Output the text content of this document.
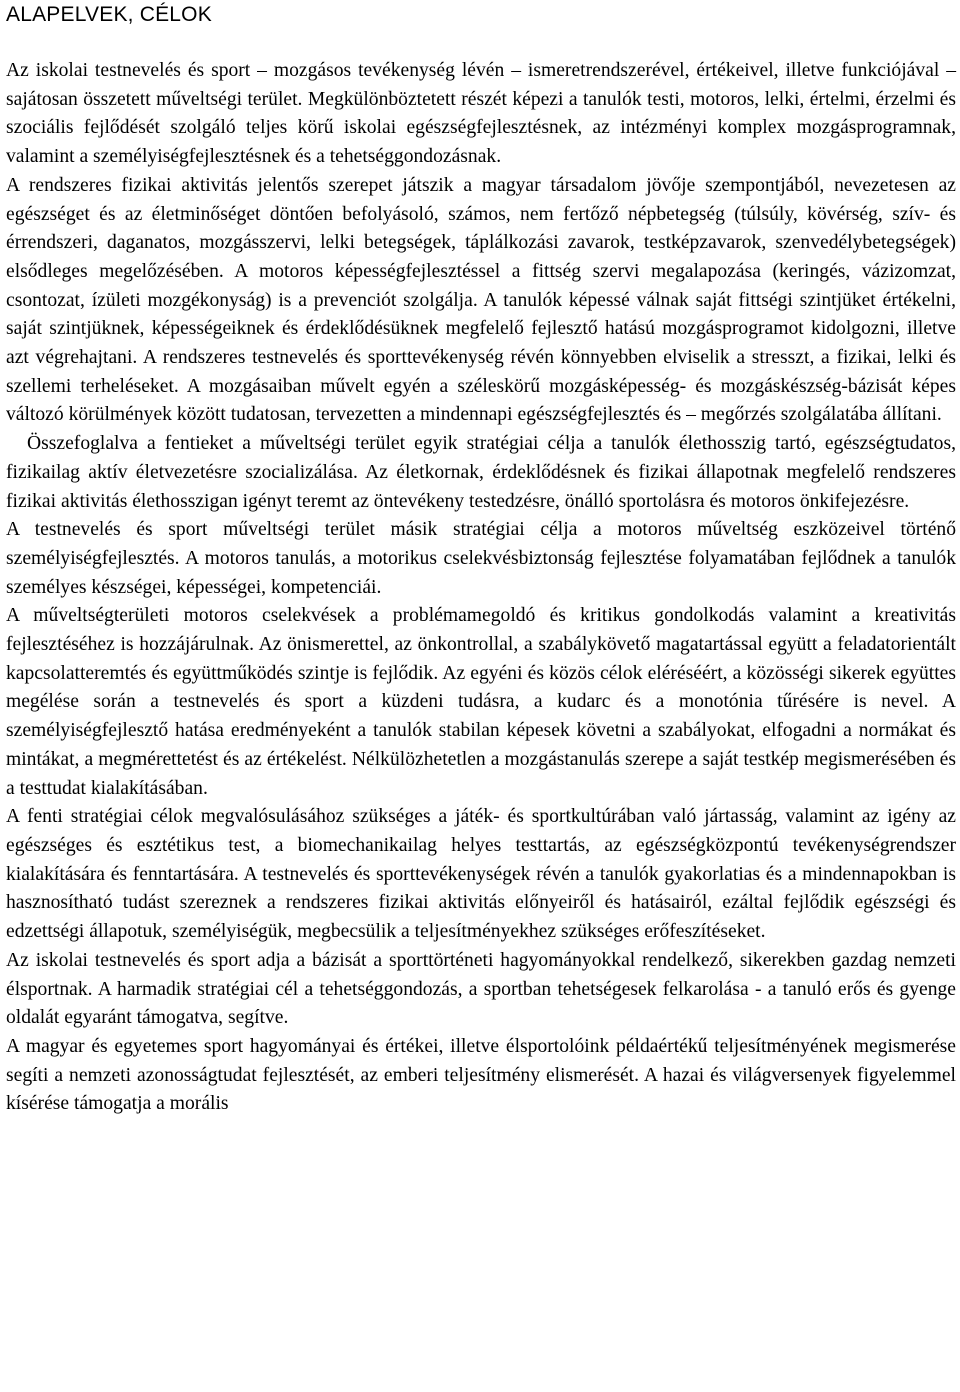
ALAPELVEK, CÉLOK

Az iskolai testnevelés és sport – mozgásos tevékenység lévén – ismeretrendszerével, értékeivel, illetve funkciójával – sajátosan összetett műveltségi terület. Megkülönböztetett részét képezi a tanulók testi, motoros, lelki, értelmi, érzelmi és szociális fejlődését szolgáló teljes körű iskolai egészségfejlesztésnek, az intézményi komplex mozgásprogramnak, valamint a személyiségfejlesztésnek és a tehetséggondozásnak.

A rendszeres fizikai aktivitás jelentős szerepet játszik a magyar társadalom jövője szempontjából, nevezetesen az egészséget és az életminőséget döntően befolyásoló, számos, nem fertőző népbetegség (túlsúly, kövérség, szív- és érrendszeri, daganatos, mozgásszervi, lelki betegségek, táplálkozási zavarok, testképzavarok, szenvedélybetegségek) elsődleges megelőzésében. A motoros képességfejlesztéssel a fittség szervi megalapozása (keringés, vázizomzat, csontozat, ízületi mozgékonyság) is a prevenciót szolgálja. A tanulók képessé válnak saját fittségi szintjüket értékelni, saját szintjüknek, képességeiknek és érdeklődésüknek megfelelő fejlesztő hatású mozgásprogramot kidolgozni, illetve azt végrehajtani. A rendszeres testnevelés és sporttevékenység révén könnyebben elviselik a stresszt, a fizikai, lelki és szellemi terheléseket. A mozgásaiban művelt egyén a széleskörű mozgásképesség- és mozgáskészség-bázisát képes változó körülmények között tudatosan, tervezetten a mindennapi egészségfejlesztés és – megőrzés szolgálatába állítani.

Összefoglalva a fentieket a műveltségi terület egyik stratégiai célja a tanulók élethosszig tartó, egészségtudatos, fizikailag aktív életvezetésre szocializálása. Az életkornak, érdeklődésnek és fizikai állapotnak megfelelő rendszeres fizikai aktivitás élethosszigan igényt teremt az öntevékeny testedzésre, önálló sportolásra és motoros önkifejezésre.

A testnevelés és sport műveltségi terület másik stratégiai célja a motoros műveltség eszközeivel történő személyiségfejlesztés. A motoros tanulás, a motorikus cselekvésbiztonság fejlesztése folyamatában fejlődnek a tanulók személyes készségei, képességei, kompetenciái.

A műveltségterületi motoros cselekvések a problémamegoldó és kritikus gondolkodás valamint a kreativitás fejlesztéséhez is hozzájárulnak. Az önismerettel, az önkontrollal, a szabálykövető magatartással együtt a feladatorientált kapcsolatteremtés és együttműködés szintje is fejlődik. Az egyéni és közös célok eléréséért, a közösségi sikerek együttes megélése során a testnevelés és sport a küzdeni tudásra, a kudarc és a monotónia tűrésére is nevel. A személyiségfejlesztő hatása eredményeként a tanulók stabilan képesek követni a szabályokat, elfogadni a normákat és mintákat, a megmérettetést és az értékelést. Nélkülözhetetlen a mozgástanulás szerepe a saját testkép megismerésében és a testtudat kialakításában.

A fenti stratégiai célok megvalósulásához szükséges a játék- és sportkultúrában való jártasság, valamint az igény az egészséges és esztétikus test, a biomechanikailag helyes testtartás, az egészségközpontú tevékenységrendszer kialakítására és fenntartására. A testnevelés és sporttevékenységek révén a tanulók gyakorlatias és a mindennapokban is hasznosítható tudást szereznek a rendszeres fizikai aktivitás előnyeiről és hatásairól, ezáltal fejlődik egészségi és edzettségi állapotuk, személyiségük, megbecsülik a teljesítményekhez szükséges erőfeszítéseket.

Az iskolai testnevelés és sport adja a bázisát a sporttörténeti hagyományokkal rendelkező, sikerekben gazdag nemzeti élsportnak. A harmadik stratégiai cél a tehetséggondozás, a sportban tehetségesek felkarolása - a tanuló erős és gyenge oldalát egyaránt támogatva, segítve.

A magyar és egyetemes sport hagyományai és értékei, illetve élsportolóink példaértékű teljesítményének megismerése segíti a nemzeti azonosságtudat fejlesztését, az emberi teljesítmény elismerését. A hazai és világversenyek figyelemmel kísérése támogatja a morális
